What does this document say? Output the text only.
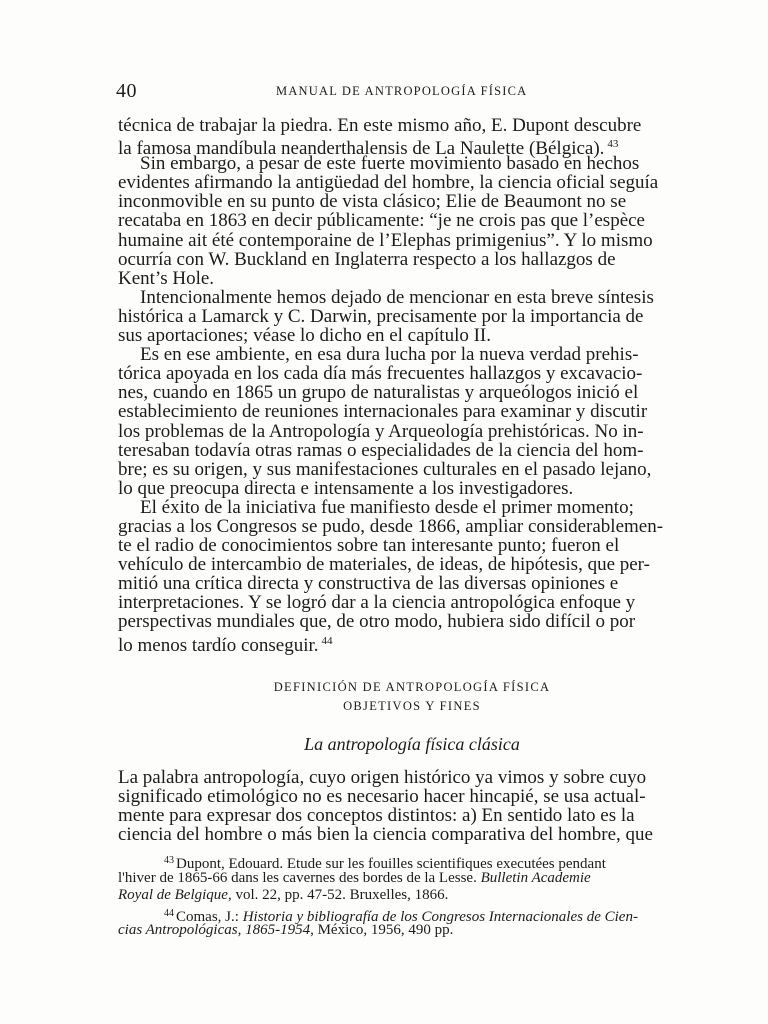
40	MANUAL DE ANTROPOLOGÍA FÍSICA
técnica de trabajar la piedra. En este mismo año, E. Dupont descubre
la famosa mandíbula neanderthalensis de La Naulette (Bélgica). $^{43}$
Sin embargo, a pesar de este fuerte movimiento basado en hechos
evidentes afirmando la antigüedad del hombre, la ciencia oficial seguía
inconmovible en su punto de vista clásico; Elie de Beaumont no se
recataba en 1863 en decir públicamente: “je ne crois pas que l’espèce
humaine ait été contemporaine de l’Elephas primigenius”. Y lo mismo
ocurría con W. Buckland en Inglaterra respecto a los hallazgos de
Kent’s Hole.
Intencionalmente hemos dejado de mencionar en esta breve síntesis
histórica a Lamarck y C. Darwin, precisamente por la importancia de
sus aportaciones; véase lo dicho en el capítulo II.
Es en ese ambiente, en esa dura lucha por la nueva verdad prehis-
tórica apoyada en los cada día más frecuentes hallazgos y excavacio-
nes, cuando en 1865 un grupo de naturalistas y arqueólogos inició el
establecimiento de reuniones internacionales para examinar y discutir
los problemas de la Antropología y Arqueología prehistóricas. No in-
teresaban todavía otras ramas o especialidades de la ciencia del hom-
bre; es su origen, y sus manifestaciones culturales en el pasado lejano,
lo que preocupa directa e intensamente a los investigadores.
El éxito de la iniciativa fue manifiesto desde el primer momento;
gracias a los Congresos se pudo, desde 1866, ampliar considerablemen-
te el radio de conocimientos sobre tan interesante punto; fueron el
vehículo de intercambio de materiales, de ideas, de hipótesis, que per-
mitió una crítica directa y constructiva de las diversas opiniones e
interpretaciones. Y se logró dar a la ciencia antropológica enfoque y
perspectivas mundiales que, de otro modo, hubiera sido difícil o por
lo menos tardío conseguir. $^{44}$
DEFINICIÓN DE ANTROPOLOGÍA FÍSICA
OBJETIVOS Y FINES
La antropología física clásica
La palabra antropología, cuyo origen histórico ya vimos y sobre cuyo
significado etimológico no es necesario hacer hincapié, se usa actual-
mente para expresar dos conceptos distintos: a) En sentido lato es la
ciencia del hombre o más bien la ciencia comparativa del hombre, que
$^{43}$ Dupont, Edouard. Etude sur les fouilles scientifiques executées pendant
l'hiver de 1865-66 dans les cavernes des bordes de la Lesse. Bulletin Academie
Royal de Belgique, vol. 22, pp. 47-52. Bruxelles, 1866.
$^{44}$ Comas, J.: Historia y bibliografía de los Congresos Internacionales de Cien-
cias Antropológicas, 1865-1954, México, 1956, 490 pp.
